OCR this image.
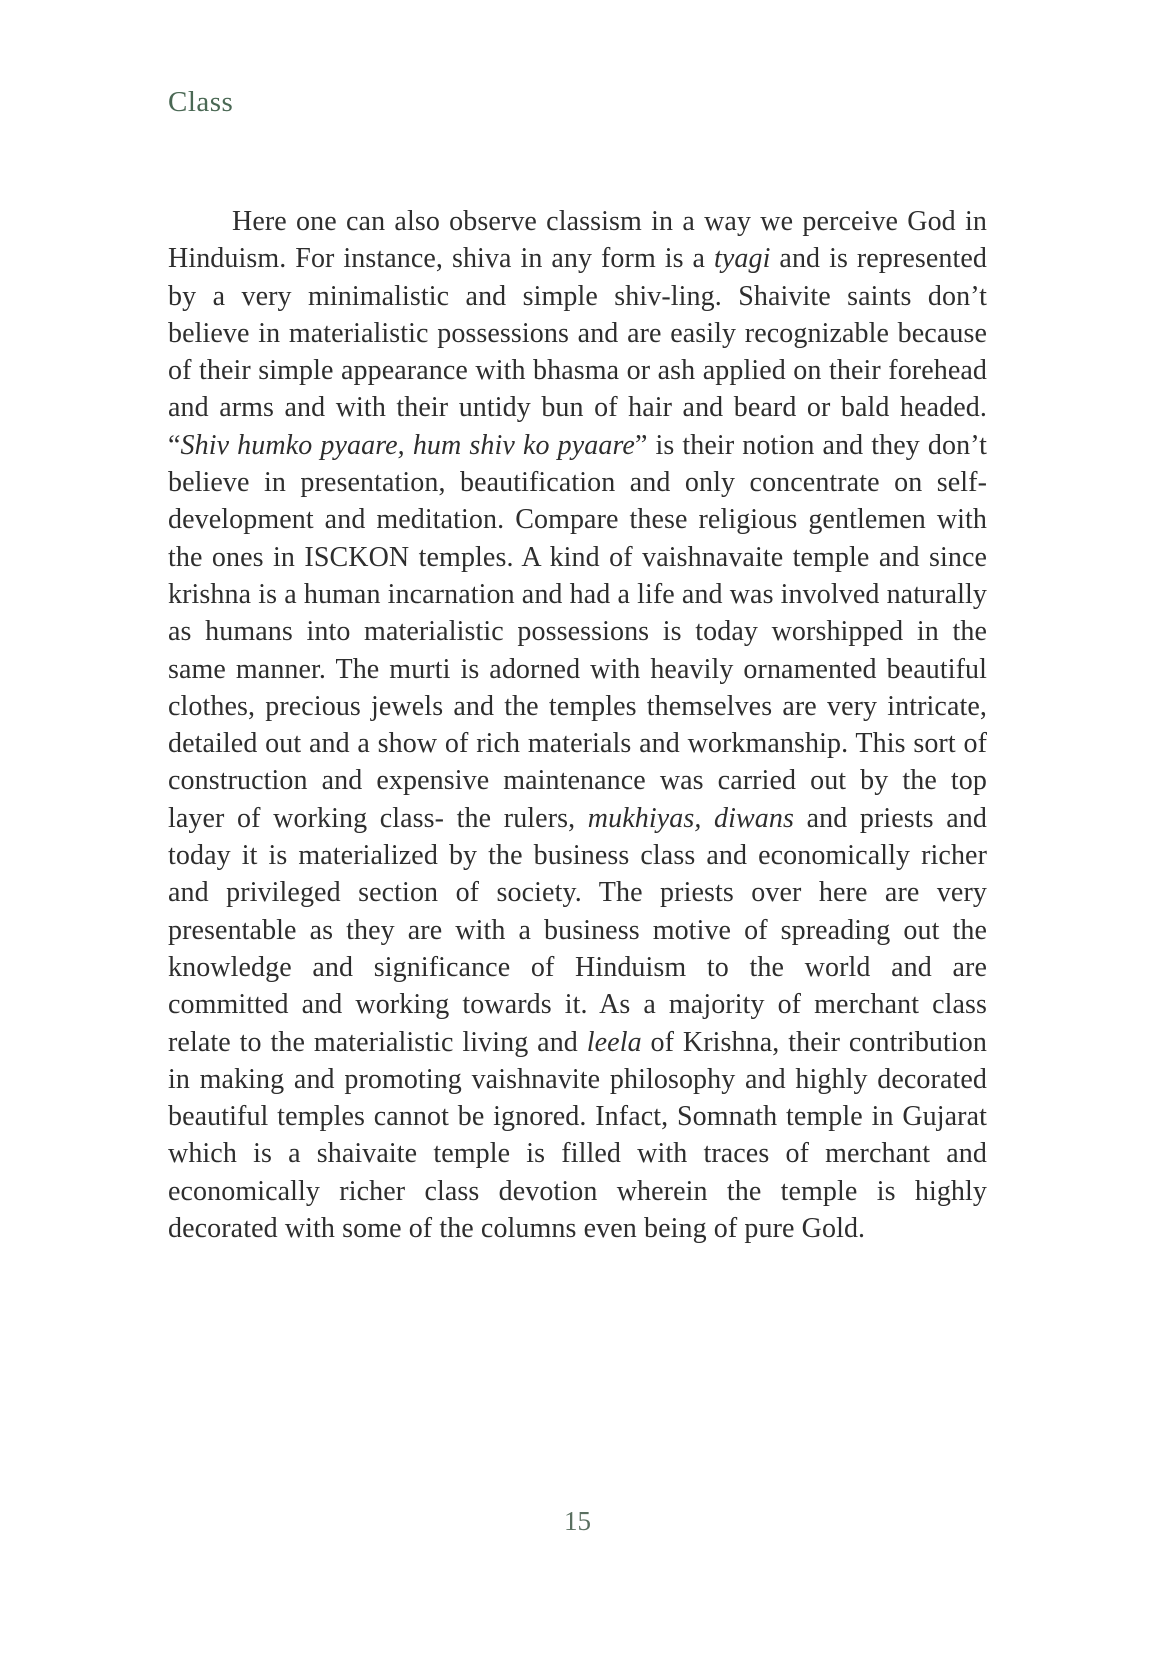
Class
Here one can also observe classism in a way we perceive God in Hinduism. For instance, shiva in any form is a tyagi and is represented by a very minimalistic and simple shiv-ling. Shaivite saints don’t believe in materialistic possessions and are easily recognizable because of their simple appearance with bhasma or ash applied on their forehead and arms and with their untidy bun of hair and beard or bald headed. “Shiv humko pyaare, hum shiv ko pyaare” is their notion and they don’t believe in presentation, beautification and only concentrate on self-development and meditation. Compare these religious gentlemen with the ones in ISCKON temples. A kind of vaishnavaite temple and since krishna is a human incarnation and had a life and was involved naturally as humans into materialistic possessions is today worshipped in the same manner. The murti is adorned with heavily ornamented beautiful clothes, precious jewels and the temples themselves are very intricate, detailed out and a show of rich materials and workmanship. This sort of construction and expensive maintenance was carried out by the top layer of working class- the rulers, mukhiyas, diwans and priests and today it is materialized by the business class and economically richer and privileged section of society. The priests over here are very presentable as they are with a business motive of spreading out the knowledge and significance of Hinduism to the world and are committed and working towards it. As a majority of merchant class relate to the materialistic living and leela of Krishna, their contribution in making and promoting vaishnavite philosophy and highly decorated beautiful temples cannot be ignored. Infact, Somnath temple in Gujarat which is a shaivaite temple is filled with traces of merchant and economically richer class devotion wherein the temple is highly decorated with some of the columns even being of pure Gold.
15
